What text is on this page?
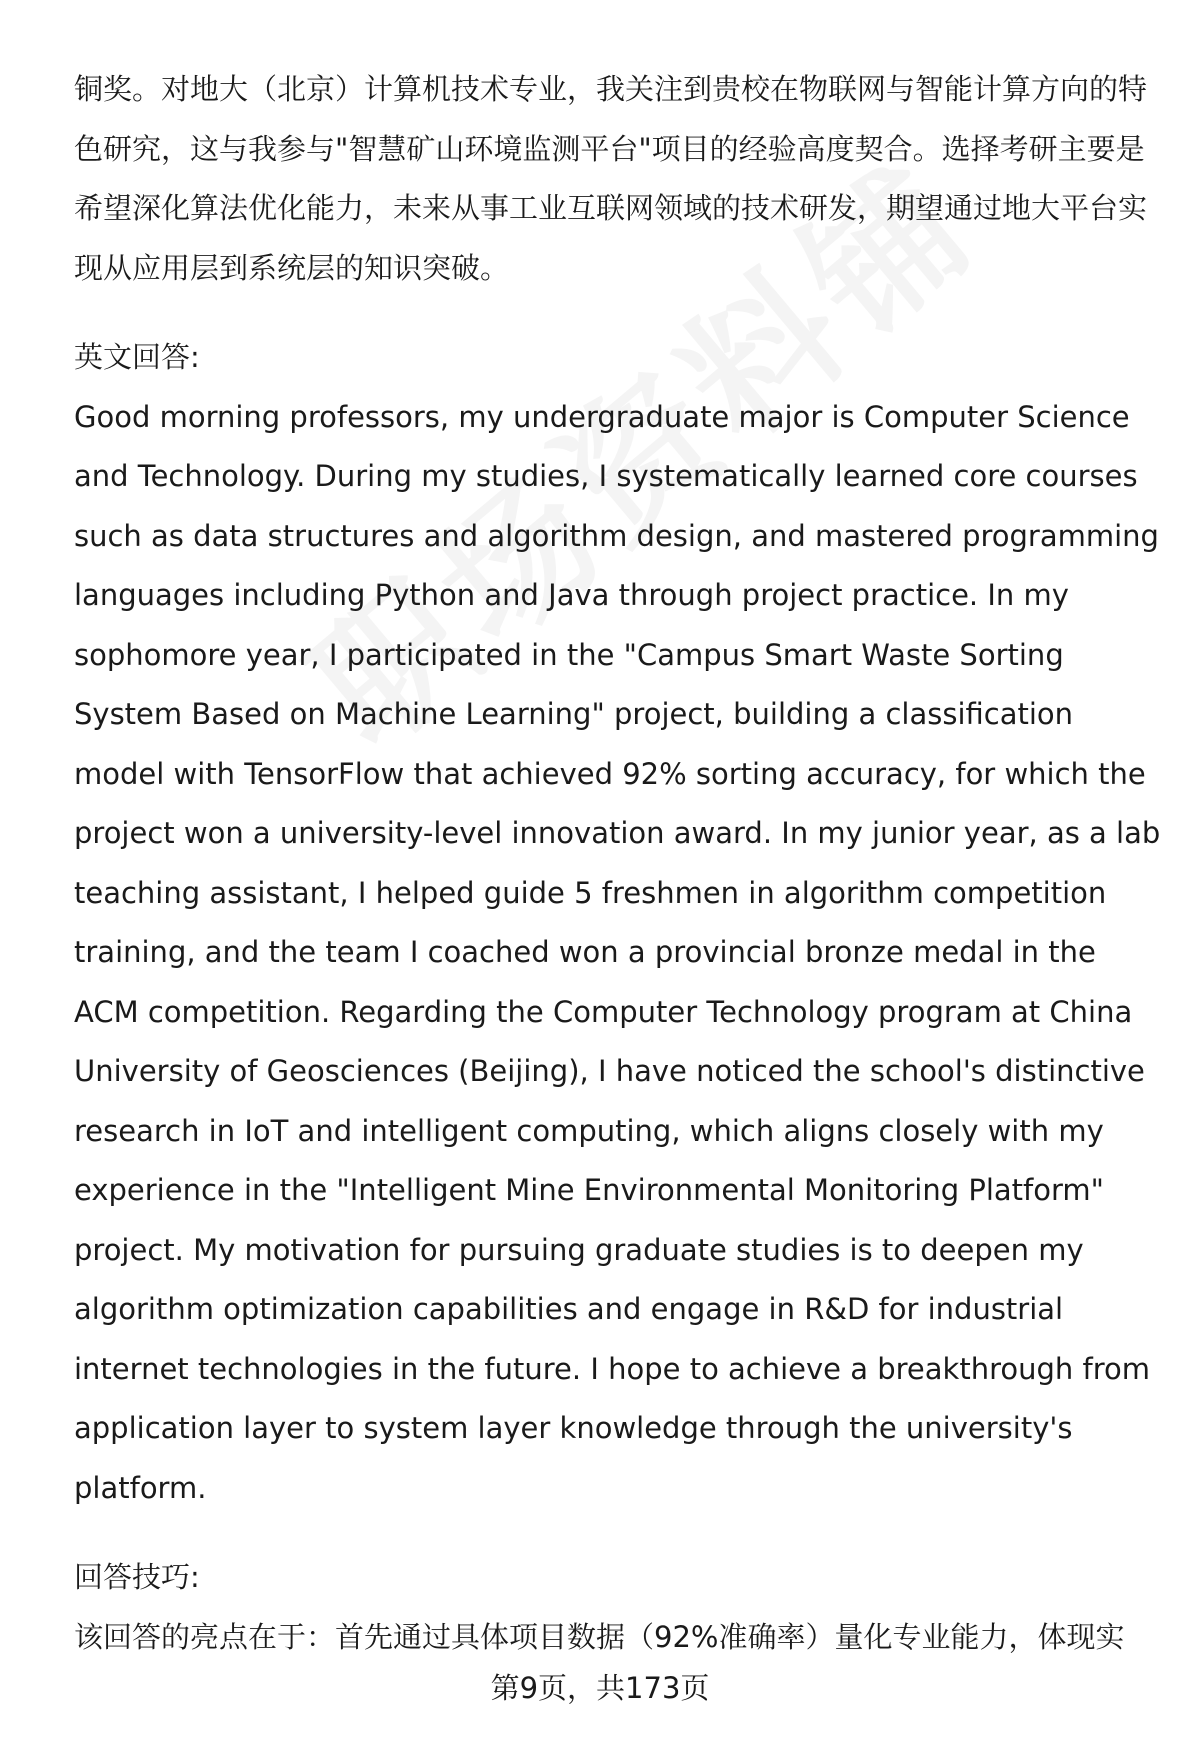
铜奖。对地大（北京）计算机技术专业，我关注到贵校在物联网与智能计算方向的特色研究，这与我参与"智慧矿山环境监测平台"项目的经验高度契合。选择考研主要是希望深化算法优化能力，未来从事工业互联网领域的技术研发，期望通过地大平台实现从应用层到系统层的知识突破。

英文回答:

Good morning professors, my undergraduate major is Computer Science and Technology. During my studies, I systematically learned core courses such as data structures and algorithm design, and mastered programming languages including Python and Java through project practice. In my sophomore year, I participated in the "Campus Smart Waste Sorting System Based on Machine Learning" project, building a classification model with TensorFlow that achieved 92% sorting accuracy, for which the project won a university-level innovation award. In my junior year, as a lab teaching assistant, I helped guide 5 freshmen in algorithm competition training, and the team I coached won a provincial bronze medal in the ACM competition. Regarding the Computer Technology program at China University of Geosciences (Beijing), I have noticed the school's distinctive research in IoT and intelligent computing, which aligns closely with my experience in the "Intelligent Mine Environmental Monitoring Platform" project. My motivation for pursuing graduate studies is to deepen my algorithm optimization capabilities and engage in R&D for industrial internet technologies in the future. I hope to achieve a breakthrough from application layer to system layer knowledge through the university's platform.

回答技巧:

该回答的亮点在于：首先通过具体项目数据（92%准确率）量化专业能力，体现实

第9页，共173页
